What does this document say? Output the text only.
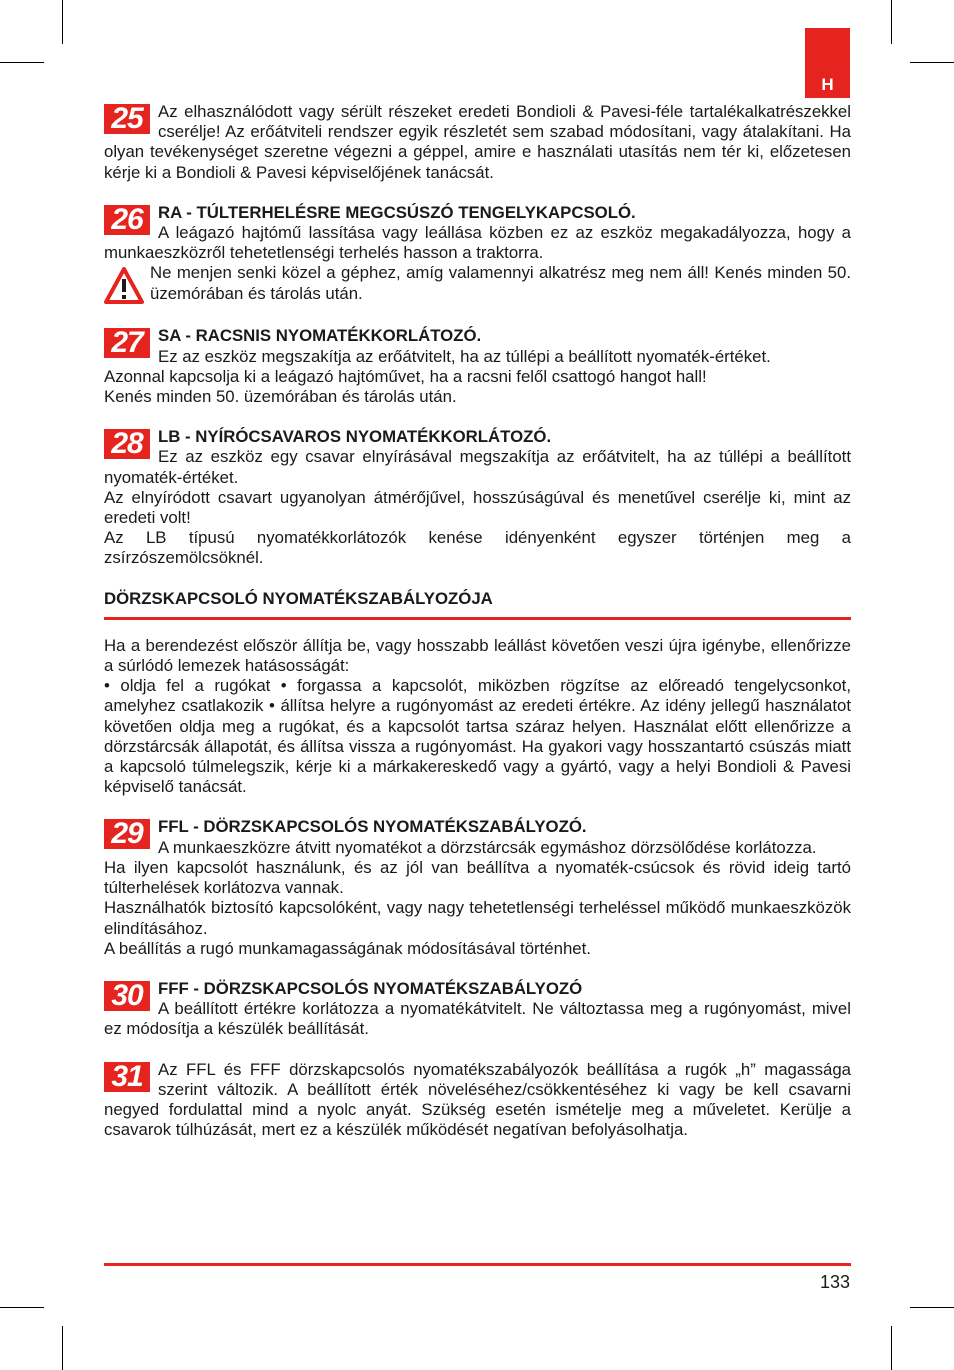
H
25 Az elhasználódott vagy sérült részeket eredeti Bondioli & Pavesi-féle tartalékalkatrészekkel cserélje! Az erőátviteli rendszer egyik részletét sem szabad módosítani, vagy átalakítani. Ha olyan tevékenységet szeretne végezni a géppel, amire e használati utasítás nem tér ki, előzetesen kérje ki a Bondioli & Pavesi képviselőjének tanácsát.

26 RA - TÚLTERHELÉSRE MEGCSÚSZÓ TENGELYKAPCSOLÓ.

A leágazó hajtómű lassítása vagy leállása közben ez az eszköz megakadályozza, hogy a munkaeszközről tehetetlenségi terhelés hasson a traktorra.

Ne menjen senki közel a géphez, amíg valamennyi alkatrész meg nem áll! Kenés minden 50. üzemórában és tárolás után.

27 SA - RACSNIS NYOMATÉKKORLÁTOZÓ.

Ez az eszköz megszakítja az erőátvitelt, ha az túllépi a beállított nyomaték-értéket.

Azonnal kapcsolja ki a leágazó hajtóművet, ha a racsni felől csattogó hangot hall!

Kenés minden 50. üzemórában és tárolás után.

28 LB - NYÍRÓCSAVAROS NYOMATÉKKORLÁTOZÓ.

Ez az eszköz egy csavar elnyírásával megszakítja az erőátvitelt, ha az túllépi a beállított nyomaték-értéket.

Az elnyíródott csavart ugyanolyan átmérőjűvel, hosszúságúval és menetűvel cserélje ki, mint az eredeti volt!

Az LB típusú nyomatékkorlátozók kenése idényenként egyszer történjen meg a zsírzószemölcsöknél.

DÖRZSKAPCSOLÓ NYOMATÉKSZABÁLYOZÓJA

Ha a berendezést először állítja be, vagy hosszabb leállást követően veszi újra igénybe, ellenőrizze a súrlódó lemezek hatásosságát:

• oldja fel a rugókat • forgassa a kapcsolót, miközben rögzítse az előreadó tengelycsonkot, amelyhez csatlakozik • állítsa helyre a rugónyomást az eredeti értékre. Az idény jellegű használatot követően oldja meg a rugókat, és a kapcsolót tartsa száraz helyen. Használat előtt ellenőrizze a dörzstárcsák állapotát, és állítsa vissza a rugónyomást. Ha gyakori vagy hosszantartó csúszás miatt a kapcsoló túlmelegszik, kérje ki a márkakereskedő vagy a gyártó, vagy a helyi Bondioli & Pavesi képviselő tanácsát.

29 FFL - DÖRZSKAPCSOLÓS NYOMATÉKSZABÁLYOZÓ.

A munkaeszközre átvitt nyomatékot a dörzstárcsák egymáshoz dörzsölődése korlátozza.

Ha ilyen kapcsolót használunk, és az jól van beállítva a nyomaték-csúcsok és rövid ideig tartó túlterhelések korlátozva vannak.

Használhatók biztosító kapcsolóként, vagy nagy tehetetlenségi terheléssel működő munkaeszközök elindításához.

A beállítás a rugó munkamagasságának módosításával történhet.

30 FFF - DÖRZSKAPCSOLÓS NYOMATÉKSZABÁLYOZÓ

A beállított értékre korlátozza a nyomatékátvitelt. Ne változtassa meg a rugónyomást, mivel ez módosítja a készülék beállítását.

31 Az FFL és FFF dörzskapcsolós nyomatékszabályozók beállítása a rugók „h” magassága szerint változik. A beállított érték növeléséhez/csökkentéséhez ki vagy be kell csavarni negyed fordulattal mind a nyolc anyát. Szükség esetén ismételje meg a műveletet. Kerülje a csavarok túlhúzását, mert ez a készülék működését negatívan befolyásolhatja.

133
